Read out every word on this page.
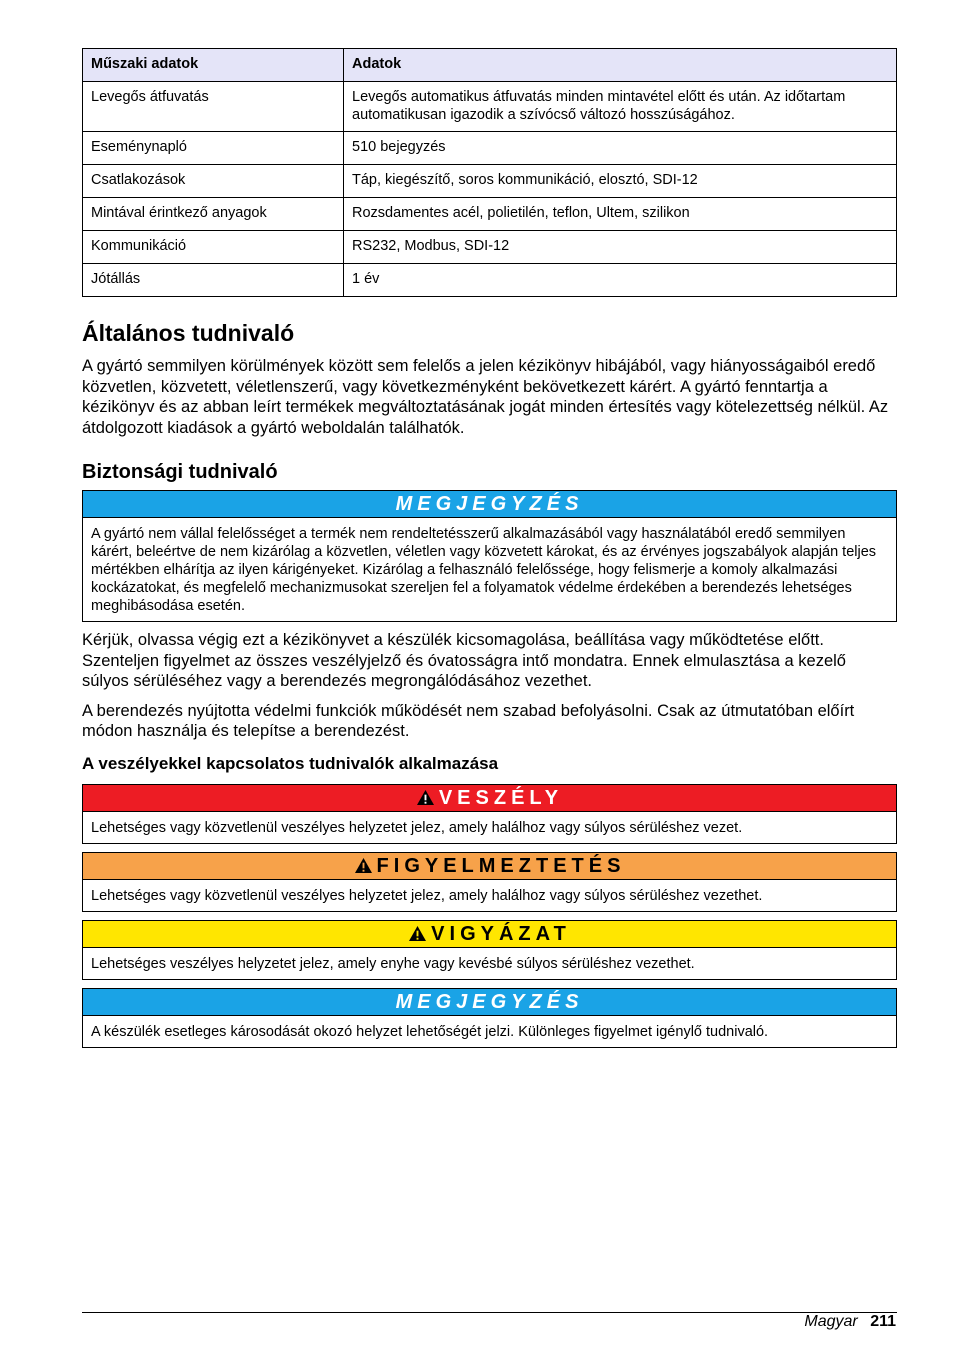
Műszaki adatok	Adatok
Levegős átfuvatás	Levegős automatikus átfuvatás minden mintavétel előtt és után. Az időtartam automatikusan igazodik a szívócső változó hosszúságához.
Eseménynapló	510 bejegyzés
Csatlakozások	Táp, kiegészítő, soros kommunikáció, elosztó, SDI-12
Mintával érintkező anyagok	Rozsdamentes acél, polietilén, teflon, Ultem, szilikon
Kommunikáció	RS232, Modbus, SDI-12
Jótállás	1 év
Általános tudnivaló

A gyártó semmilyen körülmények között sem felelős a jelen kézikönyv hibájából, vagy hiányosságaiból eredő közvetlen, közvetett, véletlenszerű, vagy következményként bekövetkezett kárért. A gyártó fenntartja a kézikönyv és az abban leírt termékek megváltoztatásának jogát minden értesítés vagy kötelezettség nélkül. Az átdolgozott kiadások a gyártó weboldalán találhatók.

Biztonsági tudnivaló
MEGJEGYZÉS
A gyártó nem vállal felelősséget a termék nem rendeltetésszerű alkalmazásából vagy használatából eredő semmilyen kárért, beleértve de nem kizárólag a közvetlen, véletlen vagy közvetett károkat, és az érvényes jogszabályok alapján teljes mértékben elhárítja az ilyen kárigényeket. Kizárólag a felhasználó felelőssége, hogy felismerje a komoly alkalmazási kockázatokat, és megfelelő mechanizmusokat szereljen fel a folyamatok védelme érdekében a berendezés lehetséges meghibásodása esetén.

Kérjük, olvassa végig ezt a kézikönyvet a készülék kicsomagolása, beállítása vagy működtetése előtt. Szenteljen figyelmet az összes veszélyjelző és óvatosságra intő mondatra. Ennek elmulasztása a kezelő súlyos sérüléséhez vagy a berendezés megrongálódásához vezethet.

A berendezés nyújtotta védelmi funkciók működését nem szabad befolyásolni. Csak az útmutatóban előírt módon használja és telepítse a berendezést.

A veszélyekkel kapcsolatos tudnivalók alkalmazása
VESZÉLY
Lehetséges vagy közvetlenül veszélyes helyzetet jelez, amely halálhoz vagy súlyos sérüléshez vezet.
FIGYELMEZTETÉS
Lehetséges vagy közvetlenül veszélyes helyzetet jelez, amely halálhoz vagy súlyos sérüléshez vezethet.
VIGYÁZAT
Lehetséges veszélyes helyzetet jelez, amely enyhe vagy kevésbé súlyos sérüléshez vezethet.
MEGJEGYZÉS
A készülék esetleges károsodását okozó helyzet lehetőségét jelzi. Különleges figyelmet igénylő tudnivaló.
Magyar 211
